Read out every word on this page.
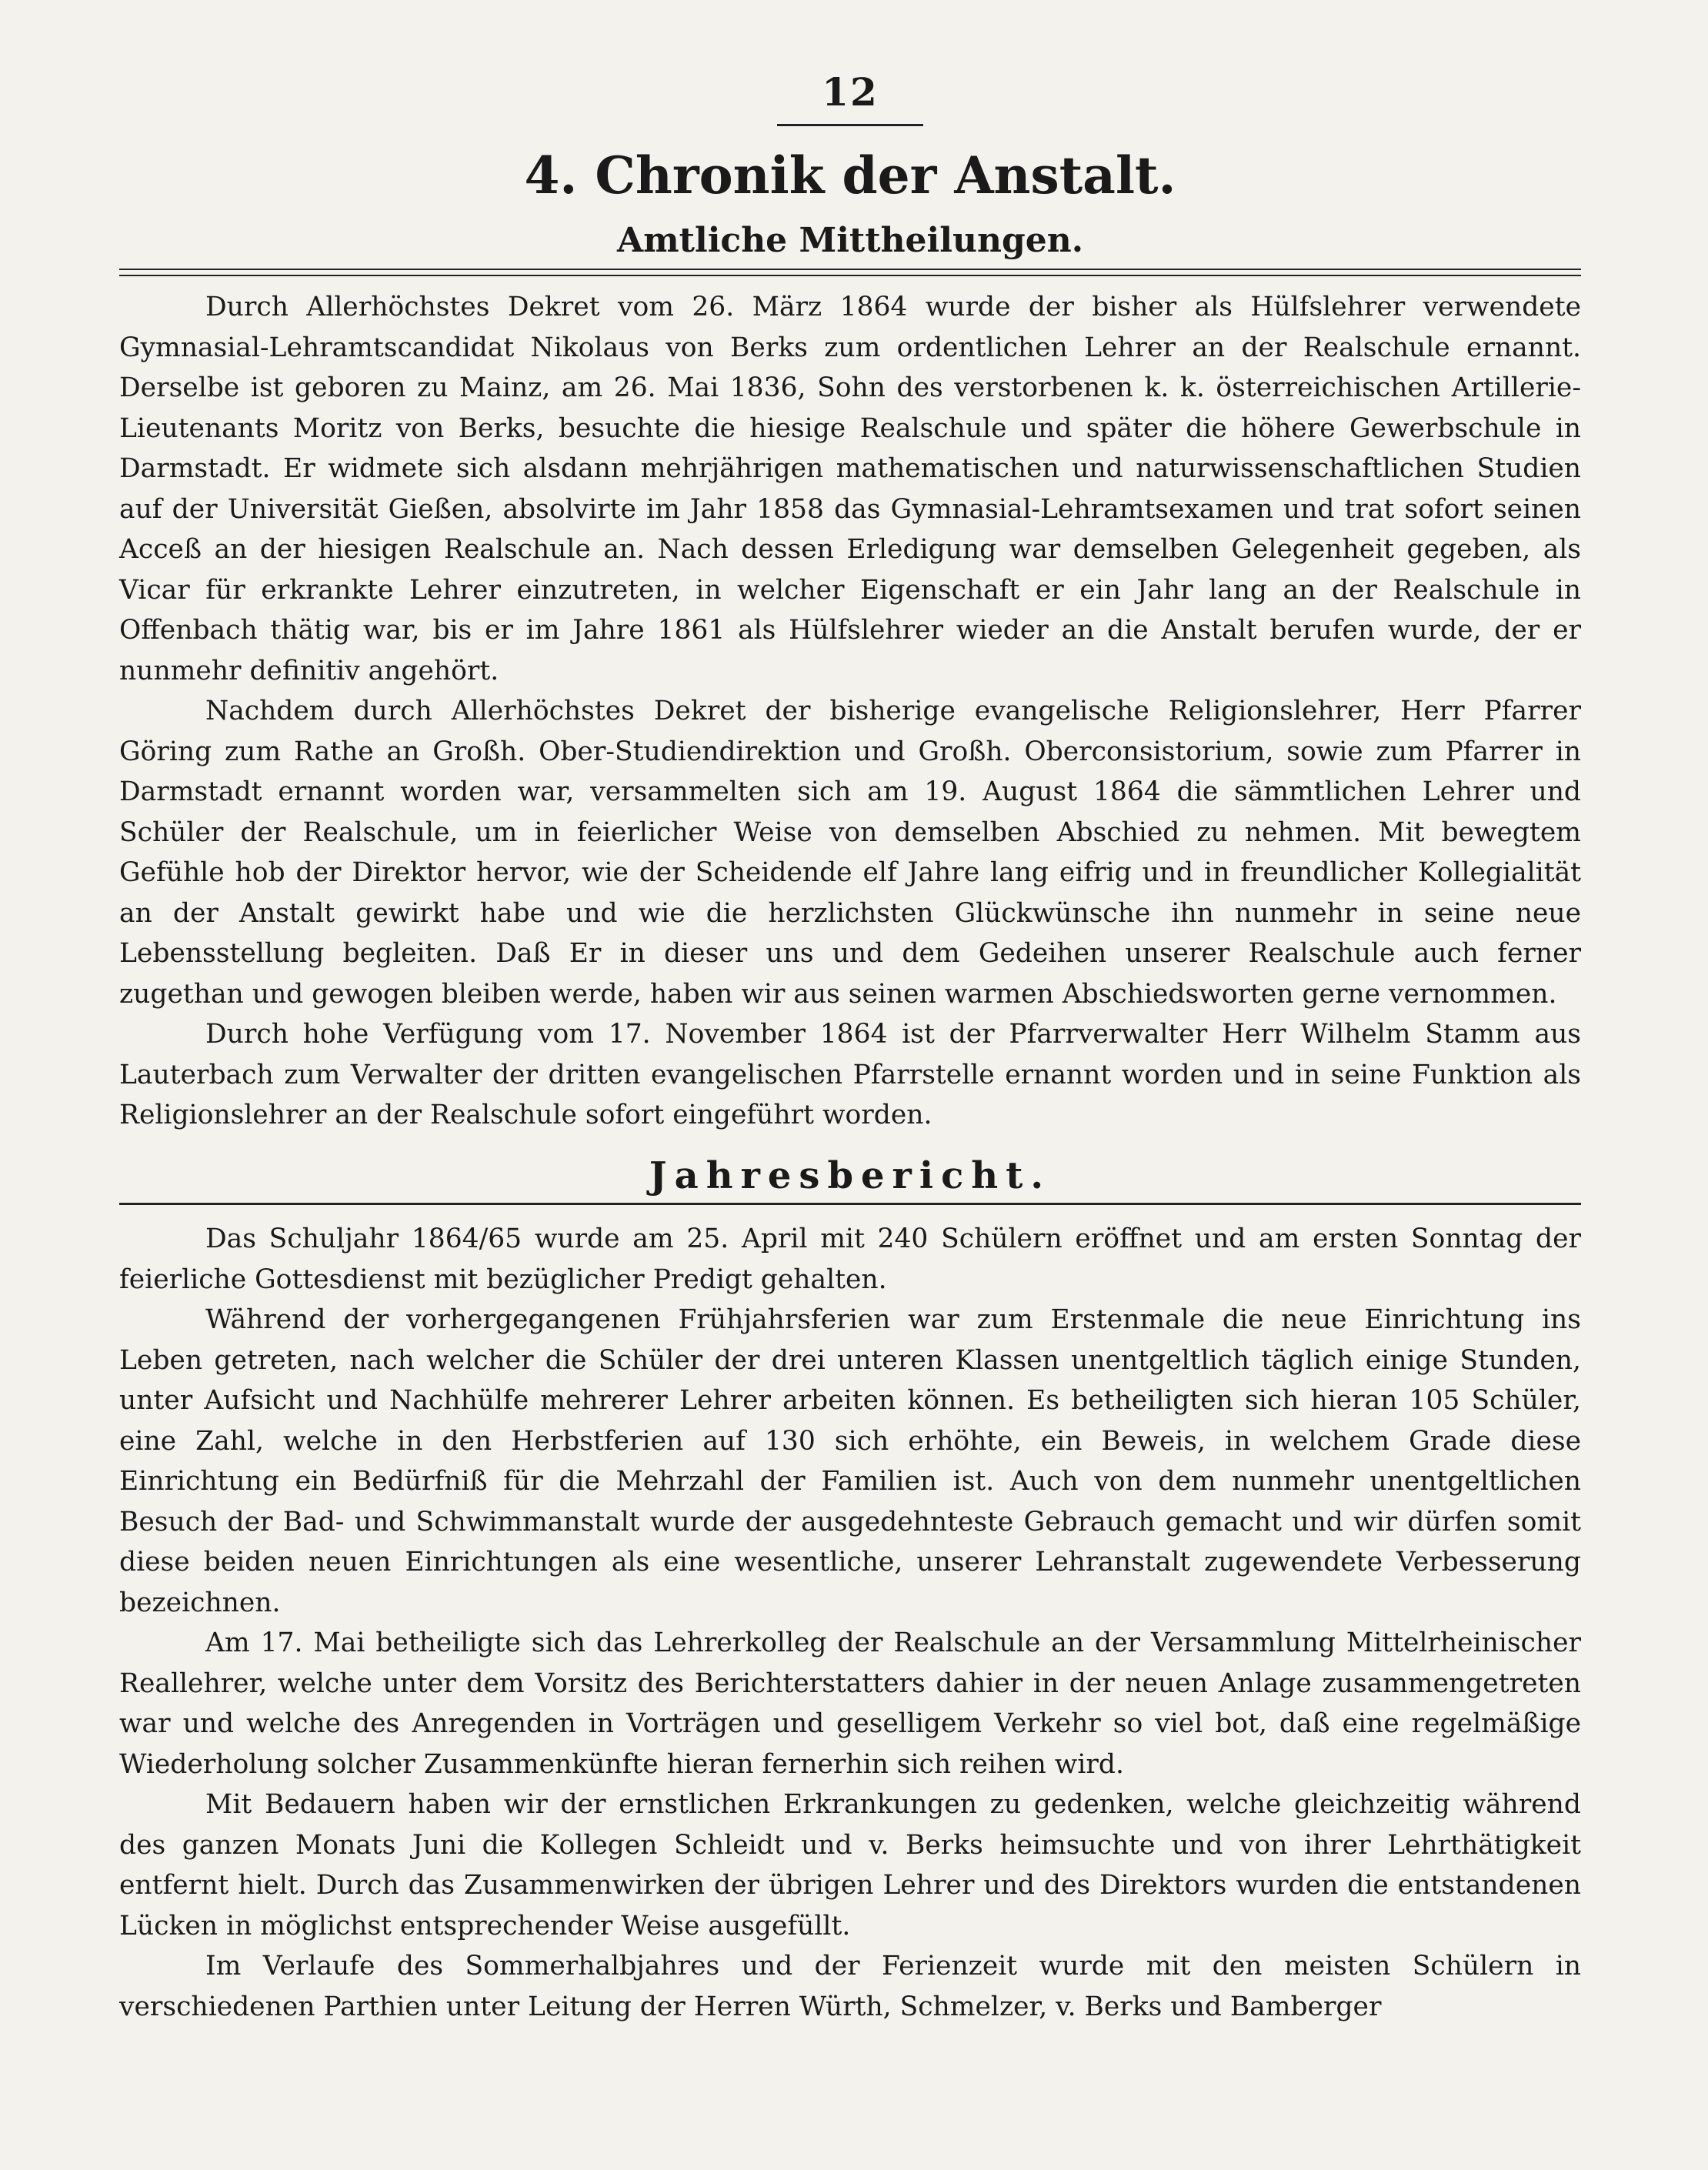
12
4. Chronik der Anstalt.
Amtliche Mittheilungen.

Durch Allerhöchstes Dekret vom 26. März 1864 wurde der bisher als Hülfslehrer verwendete Gymnasial-Lehramtscandidat Nikolaus von Berks zum ordentlichen Lehrer an der Realschule ernannt. Derselbe ist geboren zu Mainz, am 26. Mai 1836, Sohn des verstorbenen k. k. österreichischen Artillerie-Lieutenants Moritz von Berks, besuchte die hiesige Realschule und später die höhere Gewerbschule in Darmstadt. Er widmete sich alsdann mehrjährigen mathematischen und naturwissenschaftlichen Studien auf der Universität Gießen, absolvirte im Jahr 1858 das Gymnasial-Lehramtsexamen und trat sofort seinen Acceß an der hiesigen Realschule an. Nach dessen Erledigung war demselben Gelegenheit gegeben, als Vicar für erkrankte Lehrer einzutreten, in welcher Eigenschaft er ein Jahr lang an der Realschule in Offenbach thätig war, bis er im Jahre 1861 als Hülfslehrer wieder an die Anstalt berufen wurde, der er nunmehr definitiv angehört.

Nachdem durch Allerhöchstes Dekret der bisherige evangelische Religionslehrer, Herr Pfarrer Göring zum Rathe an Großh. Ober-Studiendirektion und Großh. Oberconsistorium, sowie zum Pfarrer in Darmstadt ernannt worden war, versammelten sich am 19. August 1864 die sämmtlichen Lehrer und Schüler der Realschule, um in feierlicher Weise von demselben Abschied zu nehmen. Mit bewegtem Gefühle hob der Direktor hervor, wie der Scheidende elf Jahre lang eifrig und in freundlicher Kollegialität an der Anstalt gewirkt habe und wie die herzlichsten Glückwünsche ihn nunmehr in seine neue Lebensstellung begleiten. Daß Er in dieser uns und dem Gedeihen unserer Realschule auch ferner zugethan und gewogen bleiben werde, haben wir aus seinen warmen Abschiedsworten gerne vernommen.

Durch hohe Verfügung vom 17. November 1864 ist der Pfarrverwalter Herr Wilhelm Stamm aus Lauterbach zum Verwalter der dritten evangelischen Pfarrstelle ernannt worden und in seine Funktion als Religionslehrer an der Realschule sofort eingeführt worden.

Jahresbericht.

Das Schuljahr 1864/65 wurde am 25. April mit 240 Schülern eröffnet und am ersten Sonntag der feierliche Gottesdienst mit bezüglicher Predigt gehalten.

Während der vorhergegangenen Frühjahrsferien war zum Erstenmale die neue Einrichtung ins Leben getreten, nach welcher die Schüler der drei unteren Klassen unentgeltlich täglich einige Stunden, unter Aufsicht und Nachhülfe mehrerer Lehrer arbeiten können. Es betheiligten sich hieran 105 Schüler, eine Zahl, welche in den Herbstferien auf 130 sich erhöhte, ein Beweis, in welchem Grade diese Einrichtung ein Bedürfniß für die Mehrzahl der Familien ist. Auch von dem nunmehr unentgeltlichen Besuch der Bad- und Schwimmanstalt wurde der ausgedehnteste Gebrauch gemacht und wir dürfen somit diese beiden neuen Einrichtungen als eine wesentliche, unserer Lehranstalt zugewendete Verbesserung bezeichnen.

Am 17. Mai betheiligte sich das Lehrerkolleg der Realschule an der Versammlung Mittelrheinischer Reallehrer, welche unter dem Vorsitz des Berichterstatters dahier in der neuen Anlage zusammengetreten war und welche des Anregenden in Vorträgen und geselligem Verkehr so viel bot, daß eine regelmäßige Wiederholung solcher Zusammenkünfte hieran fernerhin sich reihen wird.

Mit Bedauern haben wir der ernstlichen Erkrankungen zu gedenken, welche gleichzeitig während des ganzen Monats Juni die Kollegen Schleidt und v. Berks heimsuchte und von ihrer Lehrthätigkeit entfernt hielt. Durch das Zusammenwirken der übrigen Lehrer und des Direktors wurden die entstandenen Lücken in möglichst entsprechender Weise ausgefüllt.

Im Verlaufe des Sommerhalbjahres und der Ferienzeit wurde mit den meisten Schülern in verschiedenen Parthien unter Leitung der Herren Würth, Schmelzer, v. Berks und Bamberger
